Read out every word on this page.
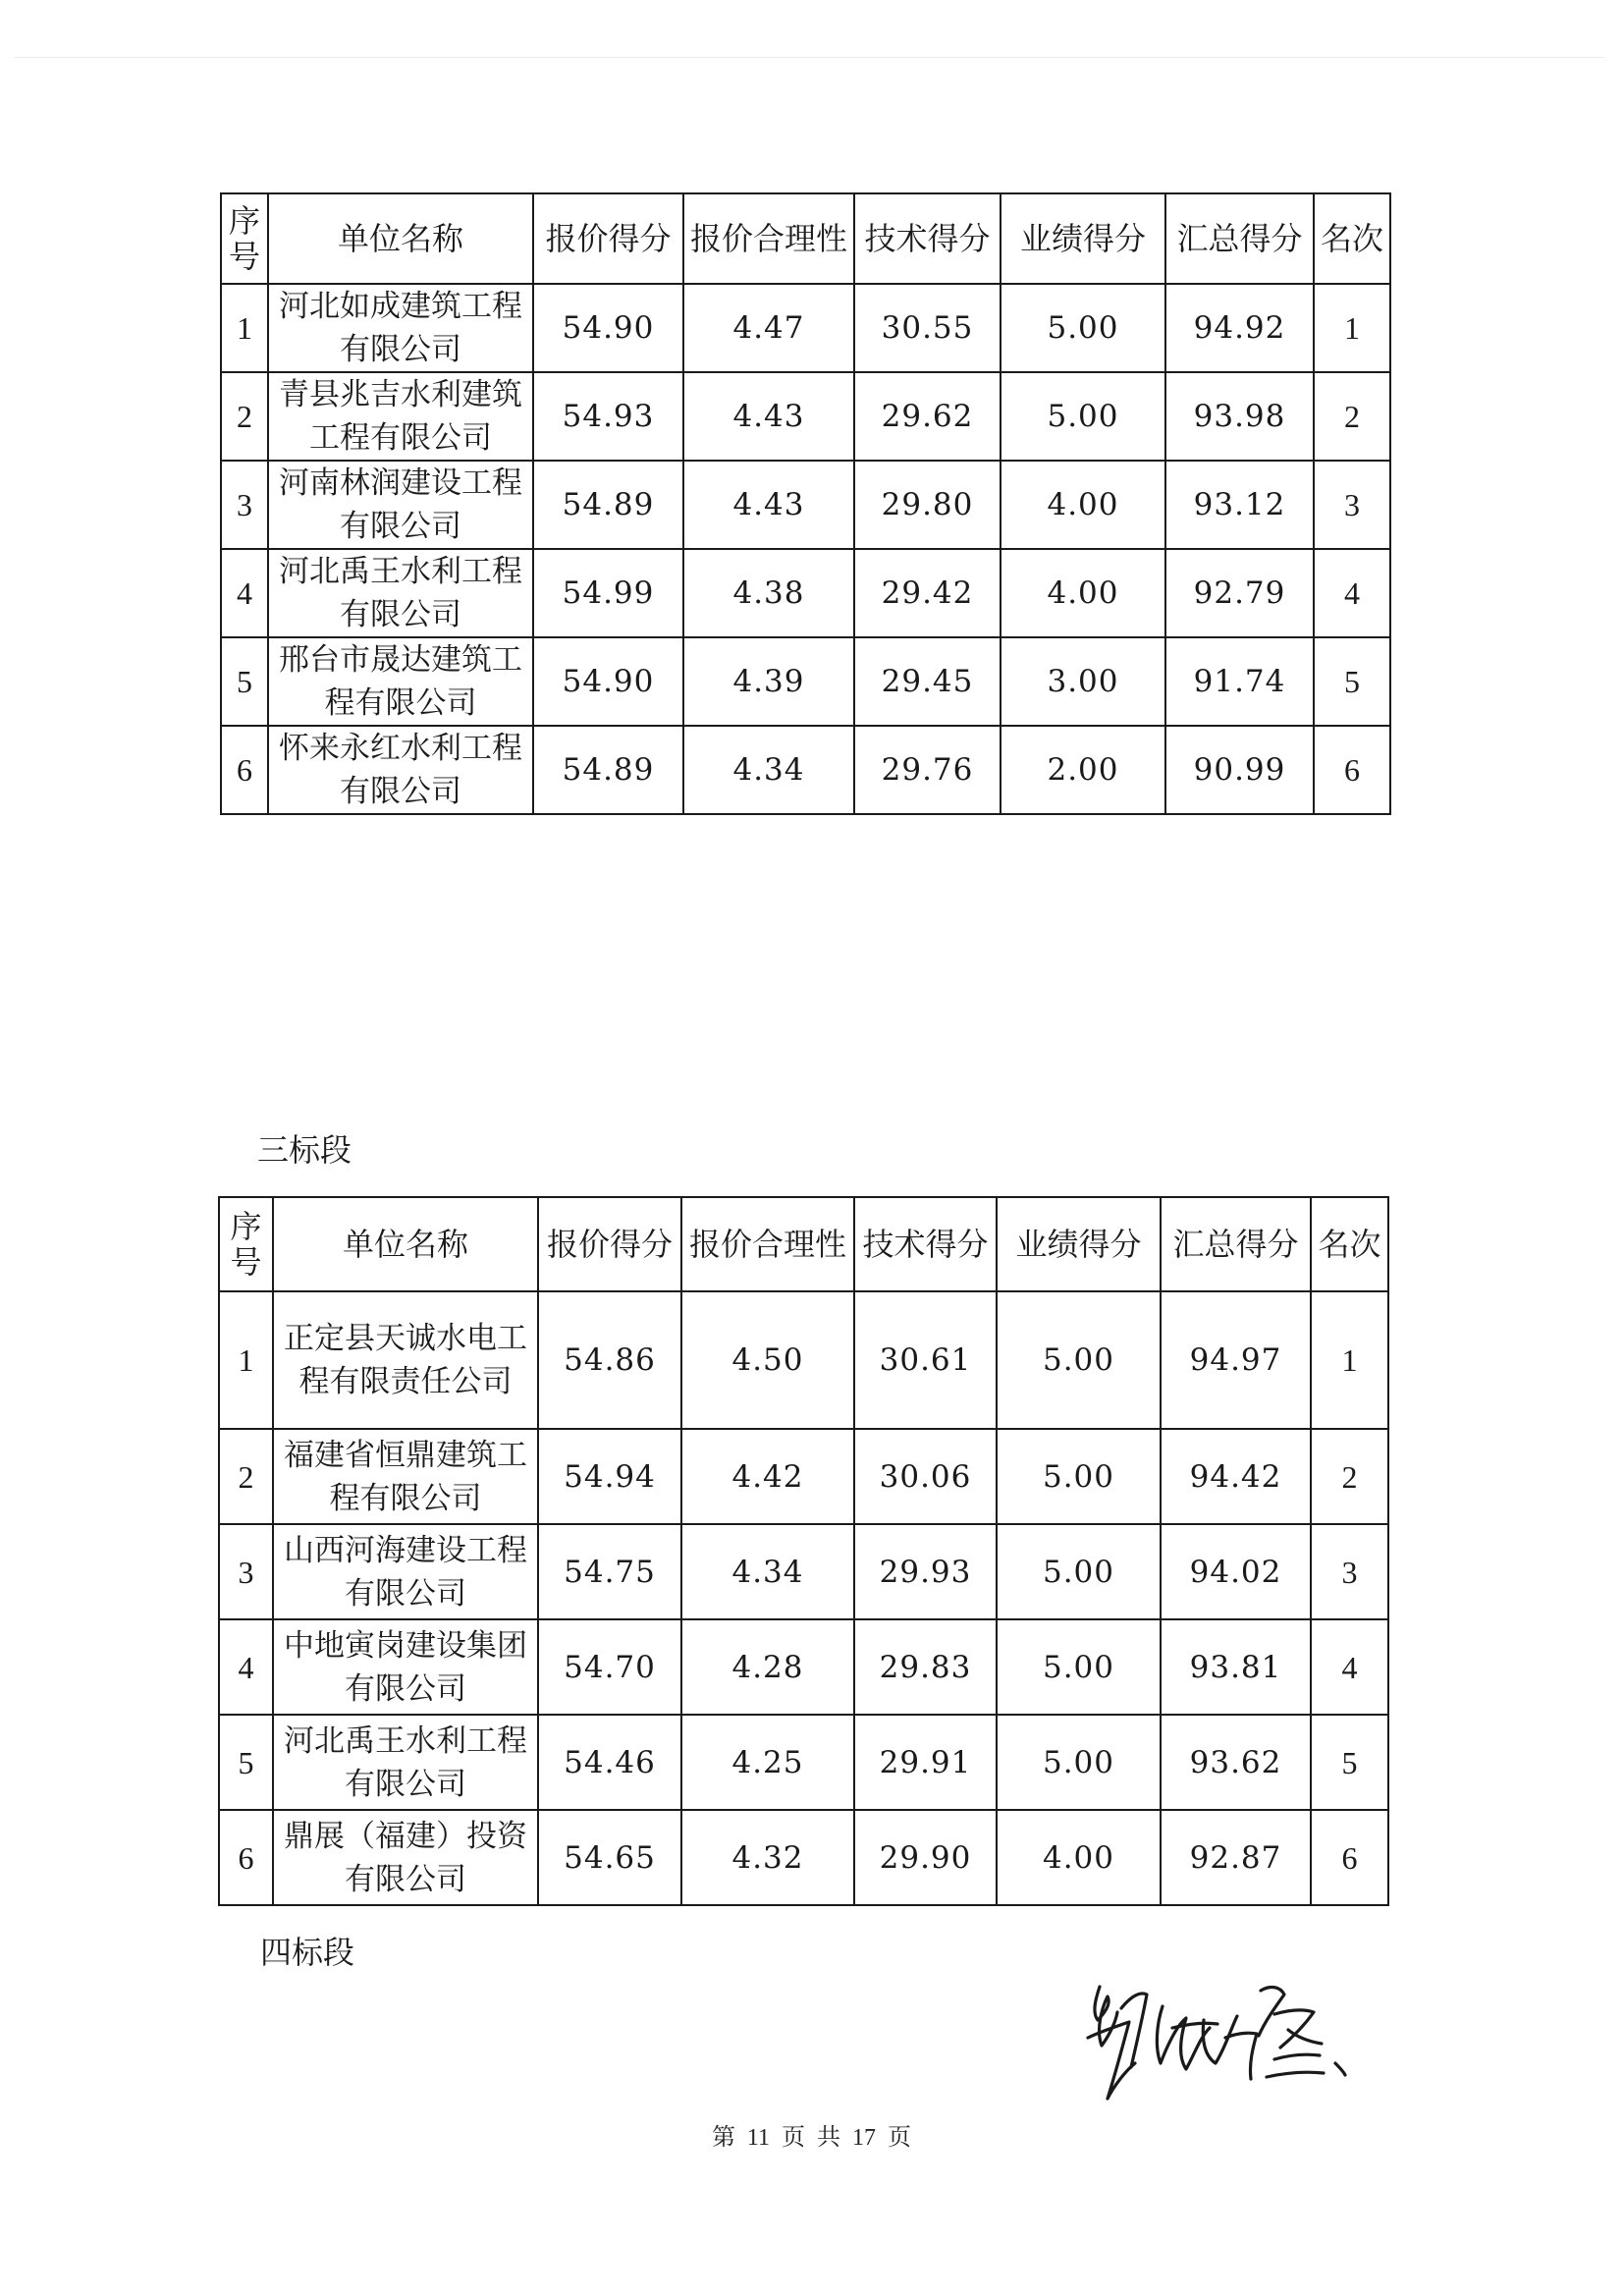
序号	单位名称	报价得分	报价合理性	技术得分	业绩得分	汇总得分	名次
1	河北如成建筑工程有限公司	54.90	4.47	30.55	5.00	94.92	1
2	青县兆吉水利建筑工程有限公司	54.93	4.43	29.62	5.00	93.98	2
3	河南林润建设工程有限公司	54.89	4.43	29.80	4.00	93.12	3
4	河北禹王水利工程有限公司	54.99	4.38	29.42	4.00	92.79	4
5	邢台市晟达建筑工程有限公司	54.90	4.39	29.45	3.00	91.74	5
6	怀来永红水利工程有限公司	54.89	4.34	29.76	2.00	90.99	6
三标段
序号	单位名称	报价得分	报价合理性	技术得分	业绩得分	汇总得分	名次
1	正定县天诚水电工程有限责任公司	54.86	4.50	30.61	5.00	94.97	1
2	福建省恒鼎建筑工程有限公司	54.94	4.42	30.06	5.00	94.42	2
3	山西河海建设工程有限公司	54.75	4.34	29.93	5.00	94.02	3
4	中地寅岗建设集团有限公司	54.70	4.28	29.83	5.00	93.81	4
5	河北禹王水利工程有限公司	54.46	4.25	29.91	5.00	93.62	5
6	鼎展（福建）投资有限公司	54.65	4.32	29.90	4.00	92.87	6
四标段
第 11 页 共 17 页
